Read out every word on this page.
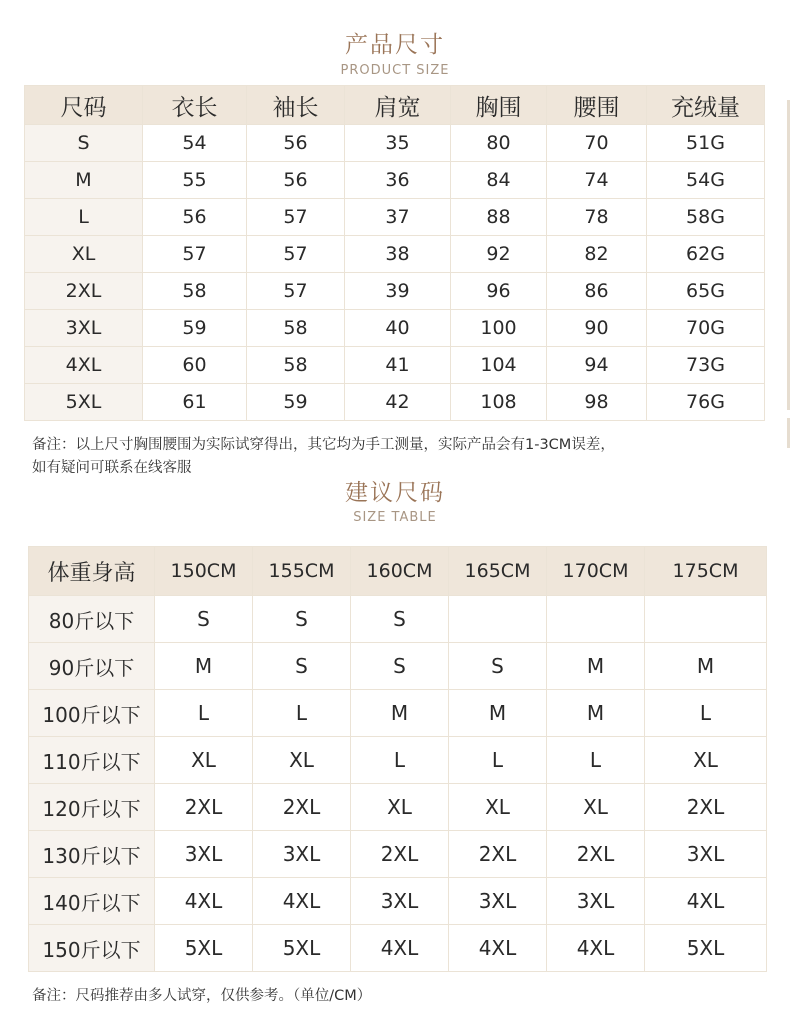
产品尺寸
PRODUCT SIZE
尺码	衣长	袖长	肩宽	胸围	腰围	充绒量
S	54	56	35	80	70	51G
M	55	56	36	84	74	54G
L	56	57	37	88	78	58G
XL	57	57	38	92	82	62G
2XL	58	57	39	96	86	65G
3XL	59	58	40	100	90	70G
4XL	60	58	41	104	94	73G
5XL	61	59	42	108	98	76G
备注：以上尺寸胸围腰围为实际试穿得出，其它均为手工测量，实际产品会有1-3CM误差，
如有疑问可联系在线客服
建议尺码
SIZE TABLE
体重身高	150CM	155CM	160CM	165CM	170CM	175CM
80斤以下	S	S	S			
90斤以下	M	S	S	S	M	M
100斤以下	L	L	M	M	M	L
110斤以下	XL	XL	L	L	L	XL
120斤以下	2XL	2XL	XL	XL	XL	2XL
130斤以下	3XL	3XL	2XL	2XL	2XL	3XL
140斤以下	4XL	4XL	3XL	3XL	3XL	4XL
150斤以下	5XL	5XL	4XL	4XL	4XL	5XL
备注：尺码推荐由多人试穿，仅供参考。（单位/CM）
